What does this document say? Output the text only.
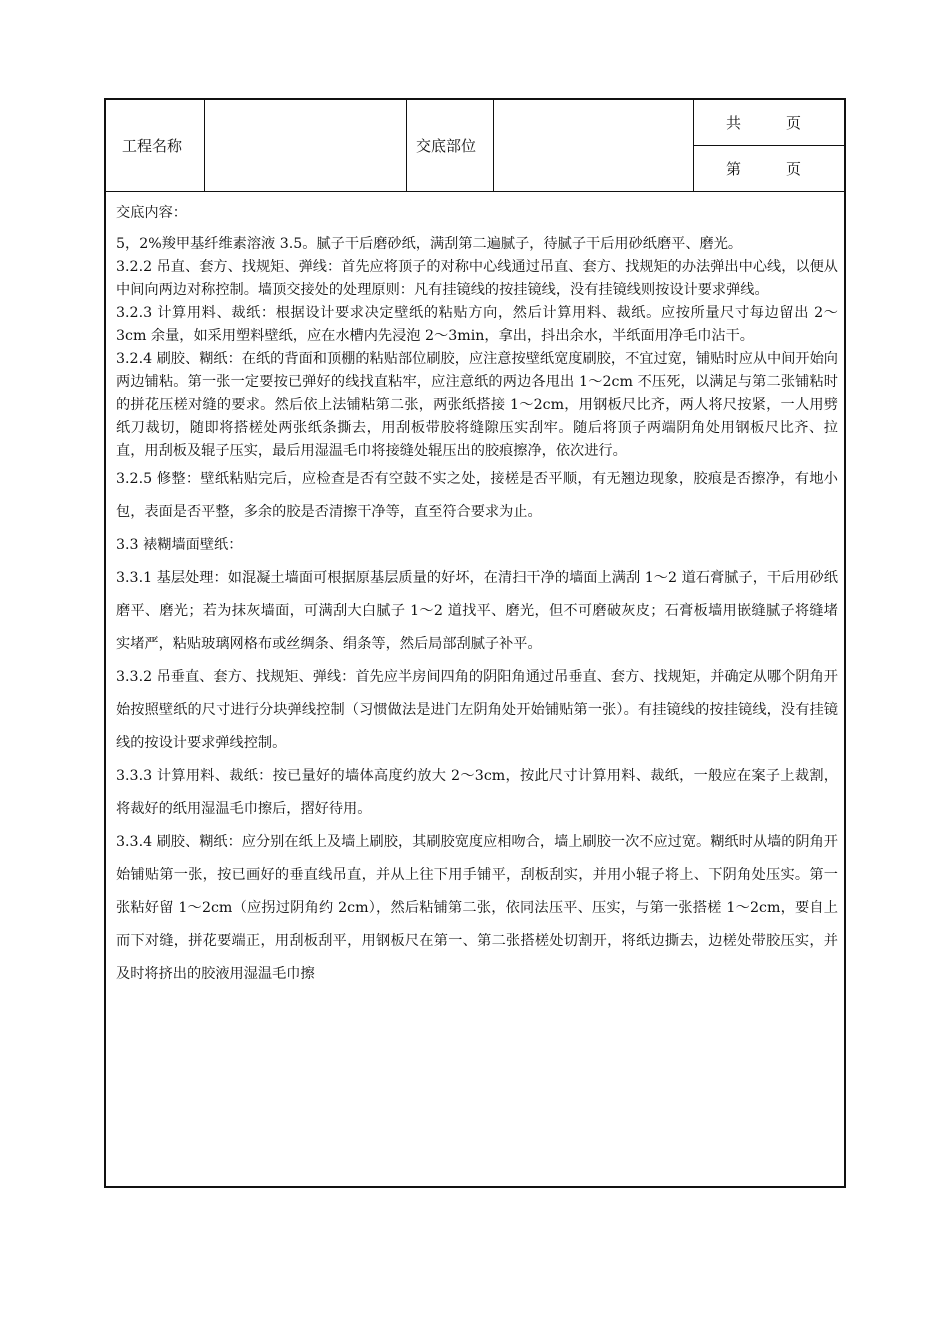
工程名称	交底部位
共　　　页
第　　　页

交底内容：

5，2%羧甲基纤维素溶液 3.5。腻子干后磨砂纸，满刮第二遍腻子，待腻子干后用砂纸磨平、磨光。

3.2.2 吊直、套方、找规矩、弹线：首先应将顶子的对称中心线通过吊直、套方、找规矩的办法弹出中心线，以便从中间向两边对称控制。墙顶交接处的处理原则：凡有挂镜线的按挂镜线，没有挂镜线则按设计要求弹线。

3.2.3 计算用料、裁纸：根据设计要求决定壁纸的粘贴方向，然后计算用料、裁纸。应按所量尺寸每边留出 2～3cm 余量，如采用塑料壁纸，应在水槽内先浸泡 2～3min，拿出，抖出余水，半纸面用净毛巾沾干。

3.2.4 刷胶、糊纸：在纸的背面和顶棚的粘贴部位刷胶，应注意按壁纸宽度刷胶，不宜过宽，铺贴时应从中间开始向两边铺粘。第一张一定要按已弹好的线找直粘牢，应注意纸的两边各甩出 1～2cm 不压死，以满足与第二张铺粘时的拼花压槎对缝的要求。然后依上法铺粘第二张，两张纸搭接 1～2cm，用钢板尺比齐，两人将尺按紧，一人用劈纸刀裁切，随即将搭槎处两张纸条撕去，用刮板带胶将缝隙压实刮牢。随后将顶子两端阴角处用钢板尺比齐、拉直，用刮板及辊子压实，最后用湿温毛巾将接缝处辊压出的胶痕擦净，依次进行。

3.2.5 修整：壁纸粘贴完后，应检查是否有空鼓不实之处，接槎是否平顺，有无翘边现象，胶痕是否擦净，有地小包，表面是否平整，多余的胶是否清擦干净等，直至符合要求为止。

3.3 裱糊墙面壁纸：

3.3.1 基层处理：如混凝土墙面可根据原基层质量的好坏，在清扫干净的墙面上满刮 1～2 道石膏腻子，干后用砂纸磨平、磨光；若为抹灰墙面，可满刮大白腻子 1～2 道找平、磨光，但不可磨破灰皮；石膏板墙用嵌缝腻子将缝堵实堵严，粘贴玻璃网格布或丝绸条、绢条等，然后局部刮腻子补平。

3.3.2 吊垂直、套方、找规矩、弹线：首先应半房间四角的阴阳角通过吊垂直、套方、找规矩，并确定从哪个阴角开始按照壁纸的尺寸进行分块弹线控制（习惯做法是进门左阴角处开始铺贴第一张）。有挂镜线的按挂镜线，没有挂镜线的按设计要求弹线控制。

3.3.3 计算用料、裁纸：按已量好的墙体高度约放大 2～3cm，按此尺寸计算用料、裁纸，一般应在案子上裁割，将裁好的纸用湿温毛巾擦后，摺好待用。

3.3.4 刷胶、糊纸：应分别在纸上及墙上刷胶，其刷胶宽度应相吻合，墙上刷胶一次不应过宽。糊纸时从墙的阴角开始铺贴第一张，按已画好的垂直线吊直，并从上往下用手铺平，刮板刮实，并用小辊子将上、下阴角处压实。第一张粘好留 1～2cm（应拐过阴角约 2cm），然后粘铺第二张，依同法压平、压实，与第一张搭槎 1～2cm，要自上而下对缝，拼花要端正，用刮板刮平，用钢板尺在第一、第二张搭槎处切割开，将纸边撕去，边槎处带胶压实，并及时将挤出的胶液用湿温毛巾擦
